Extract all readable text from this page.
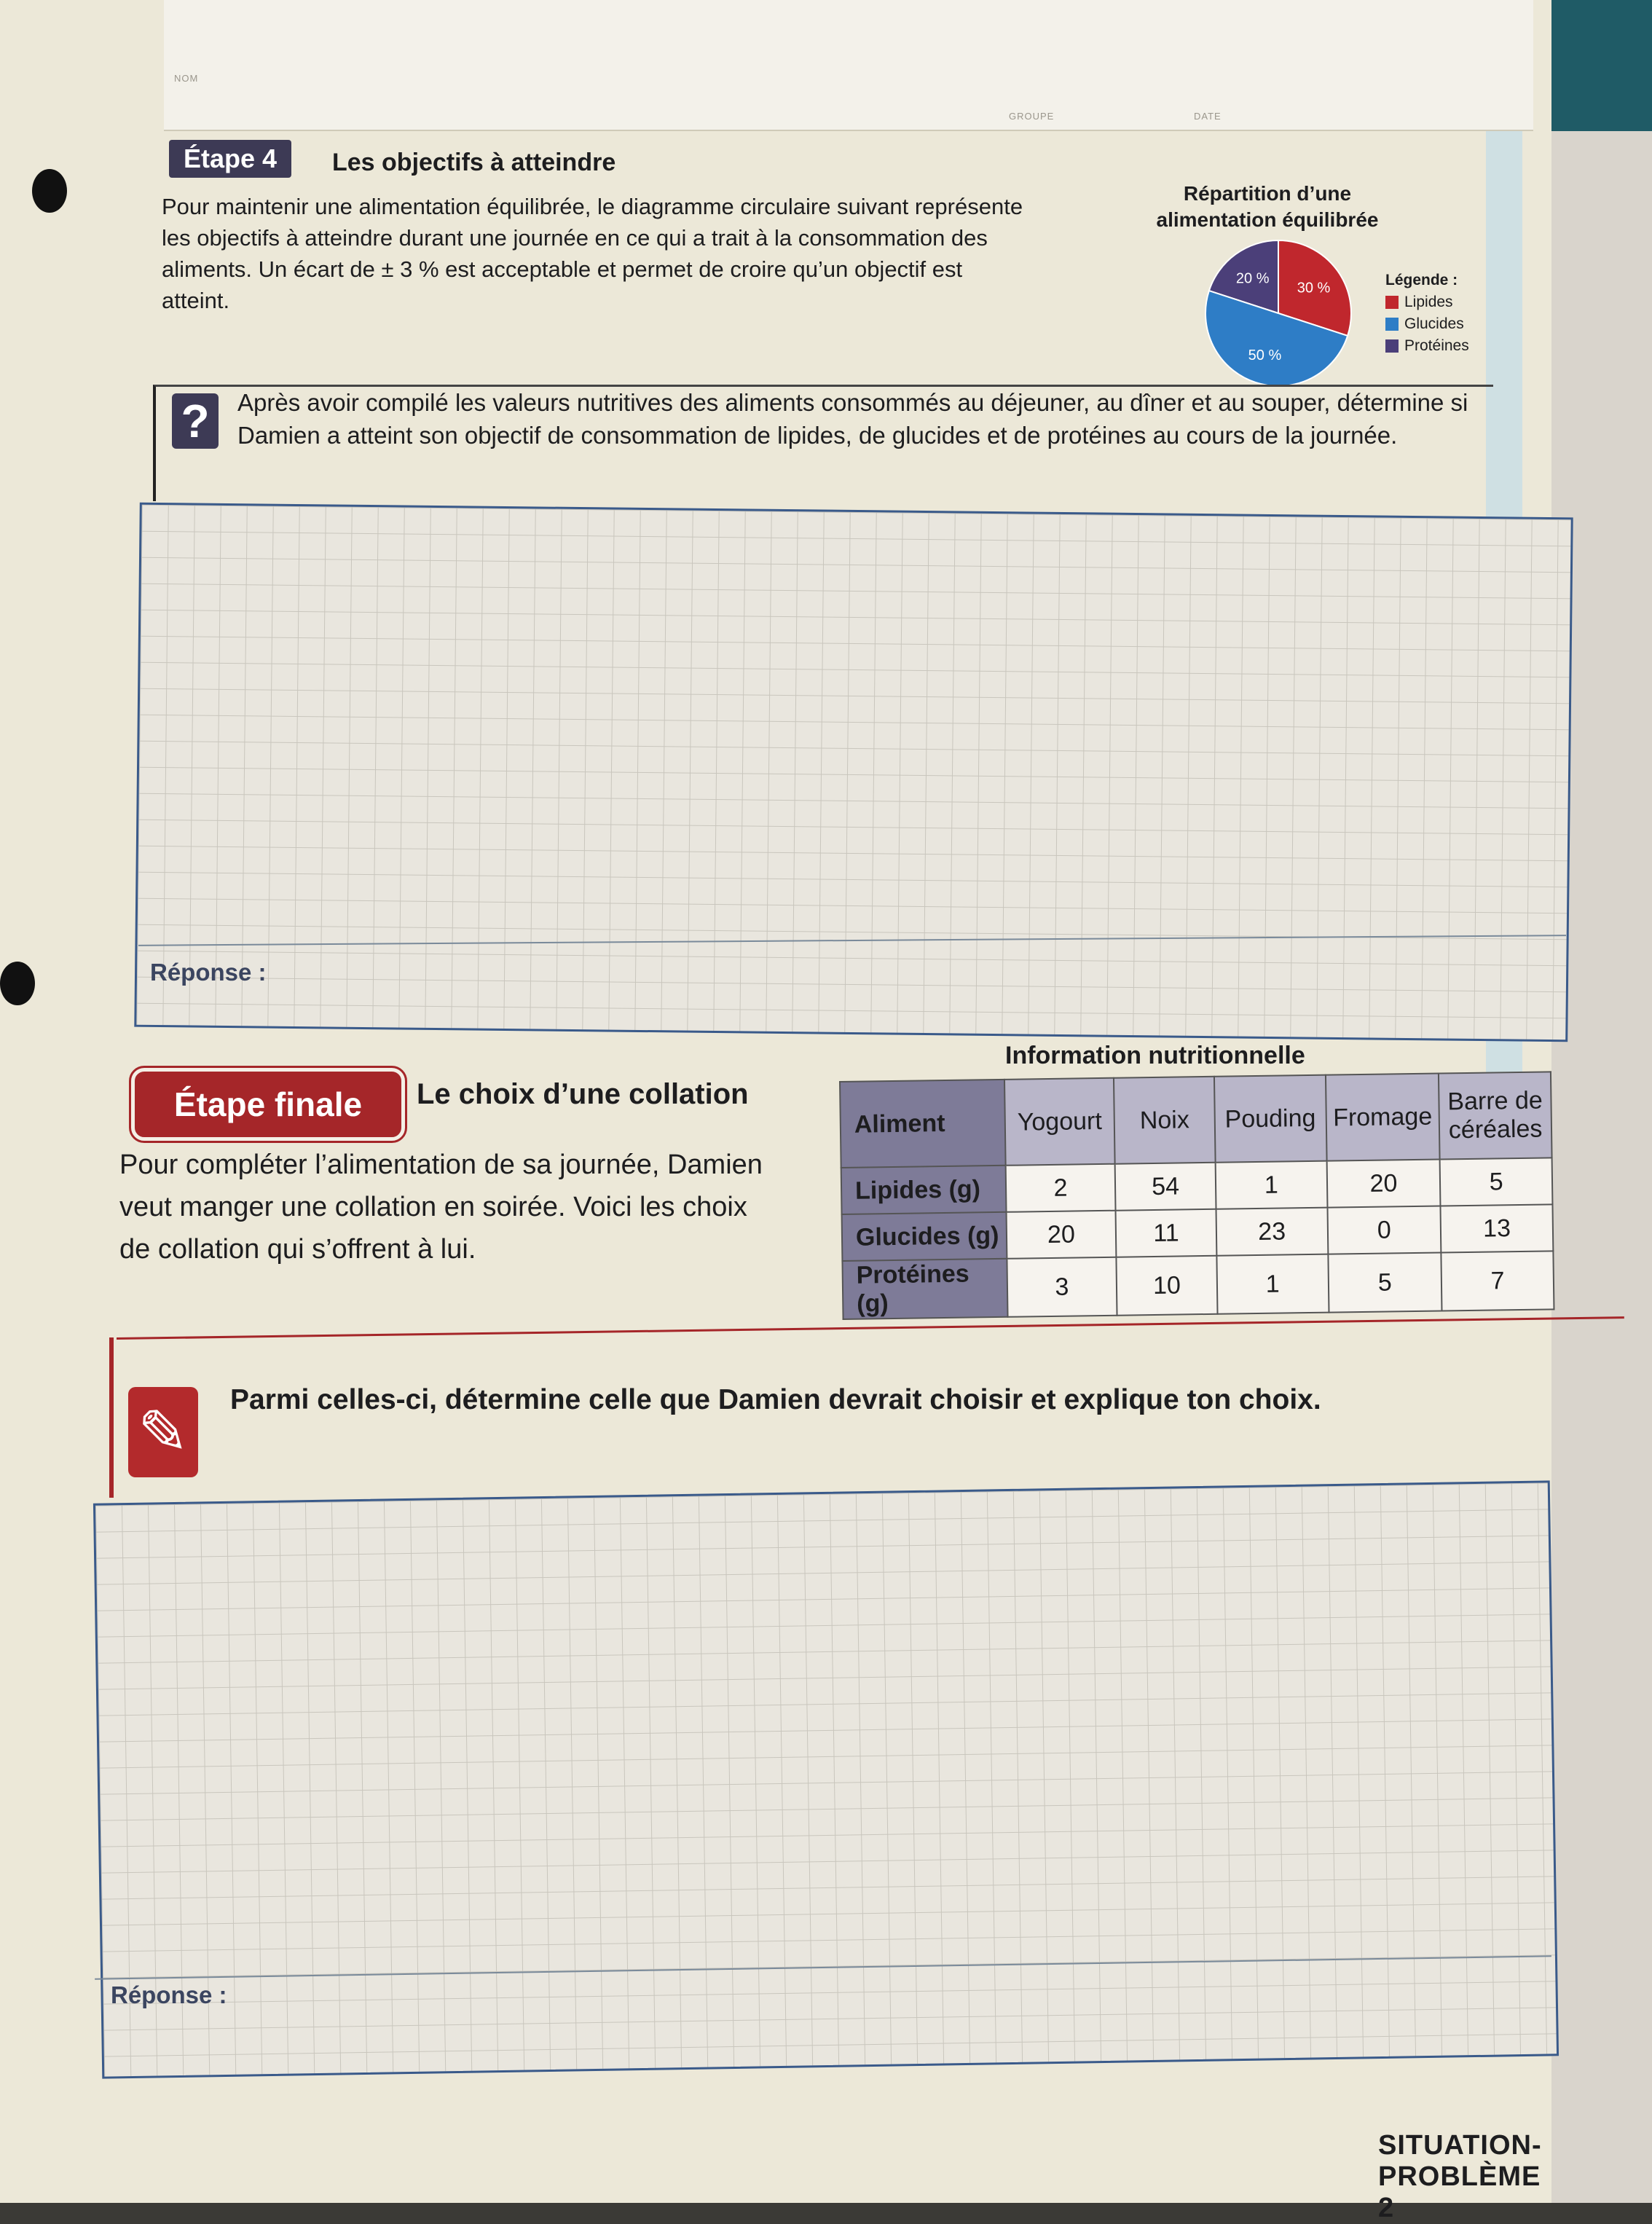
NOM
GROUPE	DATE
Étape 4	Les objectifs à atteindre

Pour maintenir une alimentation équilibrée, le diagramme circulaire suivant représente les objectifs à atteindre durant une journée en ce qui a trait à la consommation des aliments. Un écart de ± 3 % est acceptable et permet de croire qu’un objectif est atteint.

Répartition d’une alimentation équilibrée
20 %
30 %
50 %
Légende :
Lipides
Glucides
Protéines
?	Après avoir compilé les valeurs nutritives des aliments consommés au déjeuner, au dîner et au souper, détermine si Damien a atteint son objectif de consommation de lipides, de glucides et de protéines au cours de la journée.

Réponse :
Étape finale	Le choix d’une collation

Pour compléter l’alimentation de sa journée, Damien veut manger une collation en soirée. Voici les choix de collation qui s’offrent à lui.

Information nutritionnelle
Aliment	Yogourt	Noix	Pouding	Fromage	Barre de céréales
Lipides (g)	2	54	1	20	5
Glucides (g)	20	11	23	0	13
Protéines (g)	3	10	1	5	7
✎	Parmi celles-ci, détermine celle que Damien devrait choisir et explique ton choix.
Réponse :
SITUATION-PROBLÈME 2
